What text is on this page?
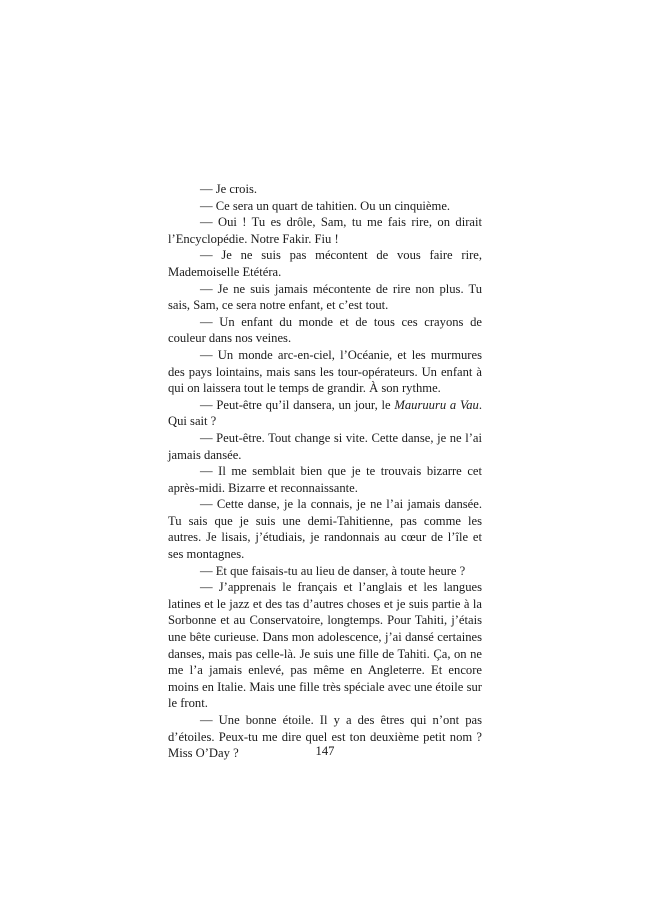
— Je crois.

— Ce sera un quart de tahitien. Ou un cinquième.

— Oui ! Tu es drôle, Sam, tu me fais rire, on dirait l’Encyclopédie. Notre Fakir. Fiu !

— Je ne suis pas mécontent de vous faire rire, Mademoiselle Etétéra.

— Je ne suis jamais mécontente de rire non plus. Tu sais, Sam, ce sera notre enfant, et c’est tout.

— Un enfant du monde et de tous ces crayons de couleur dans nos veines.

— Un monde arc-en-ciel, l’Océanie, et les murmures des pays lointains, mais sans les tour-opérateurs. Un enfant à qui on laissera tout le temps de grandir. À son rythme.

— Peut-être qu’il dansera, un jour, le Mauruuru a Vau. Qui sait ?

— Peut-être. Tout change si vite. Cette danse, je ne l’ai jamais dansée.

— Il me semblait bien que je te trouvais bizarre cet après-midi. Bizarre et reconnaissante.

— Cette danse, je la connais, je ne l’ai jamais dansée. Tu sais que je suis une demi-Tahitienne, pas comme les autres. Je lisais, j’étudiais, je randonnais au cœur de l’île et ses montagnes.

— Et que faisais-tu au lieu de danser, à toute heure ?

— J’apprenais le français et l’anglais et les langues latines et le jazz et des tas d’autres choses et je suis partie à la Sorbonne et au Conservatoire, longtemps. Pour Tahiti, j’étais une bête curieuse. Dans mon adolescence, j’ai dansé certaines danses, mais pas celle-là. Je suis une fille de Tahiti. Ça, on ne me l’a jamais enlevé, pas même en Angleterre. Et encore moins en Italie. Mais une fille très spéciale avec une étoile sur le front.

— Une bonne étoile. Il y a des êtres qui n’ont pas d’étoiles. Peux-tu me dire quel est ton deuxième petit nom ? Miss O’Day ?	147
